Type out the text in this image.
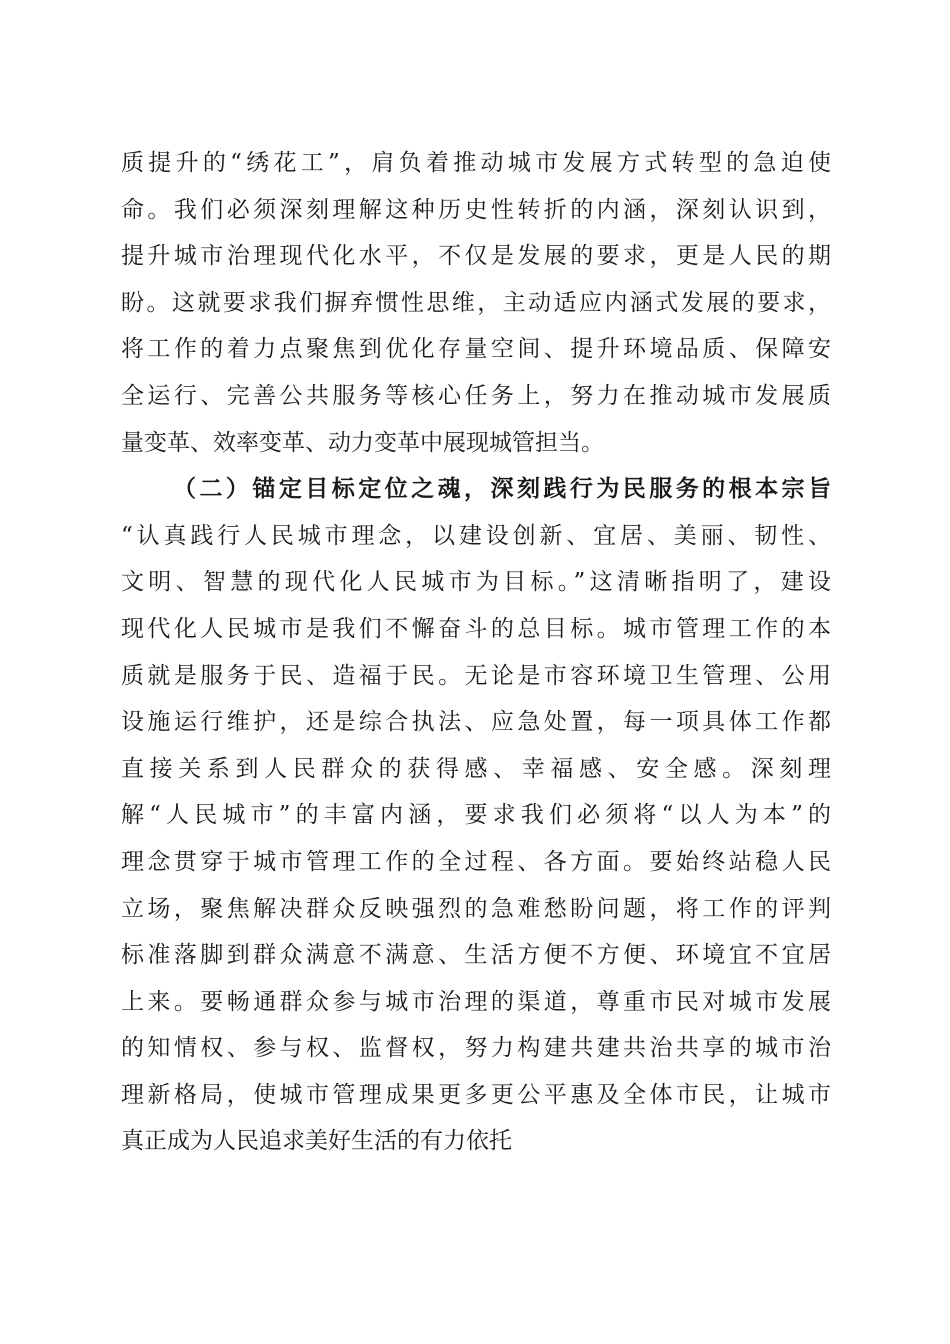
质提升的“绣花工”，肩负着推动城市发展方式转型的急迫使
命。我们必须深刻理解这种历史性转折的内涵，深刻认识到，
提升城市治理现代化水平，不仅是发展的要求，更是人民的期
盼。这就要求我们摒弃惯性思维，主动适应内涵式发展的要求，
将工作的着力点聚焦到优化存量空间、提升环境品质、保障安
全运行、完善公共服务等核心任务上，努力在推动城市发展质
量变革、效率变革、动力变革中展现城管担当。
（二）锚定目标定位之魂，深刻践行为民服务的根本宗旨
“认真践行人民城市理念，以建设创新、宜居、美丽、韧性、
文明、智慧的现代化人民城市为目标。”这清晰指明了，建设
现代化人民城市是我们不懈奋斗的总目标。城市管理工作的本
质就是服务于民、造福于民。无论是市容环境卫生管理、公用
设施运行维护，还是综合执法、应急处置，每一项具体工作都
直接关系到人民群众的获得感、幸福感、安全感。深刻理
解“人民城市”的丰富内涵，要求我们必须将“以人为本”的
理念贯穿于城市管理工作的全过程、各方面。要始终站稳人民
立场，聚焦解决群众反映强烈的急难愁盼问题，将工作的评判
标准落脚到群众满意不满意、生活方便不方便、环境宜不宜居
上来。要畅通群众参与城市治理的渠道，尊重市民对城市发展
的知情权、参与权、监督权，努力构建共建共治共享的城市治
理新格局，使城市管理成果更多更公平惠及全体市民，让城市
真正成为人民追求美好生活的有力依托
